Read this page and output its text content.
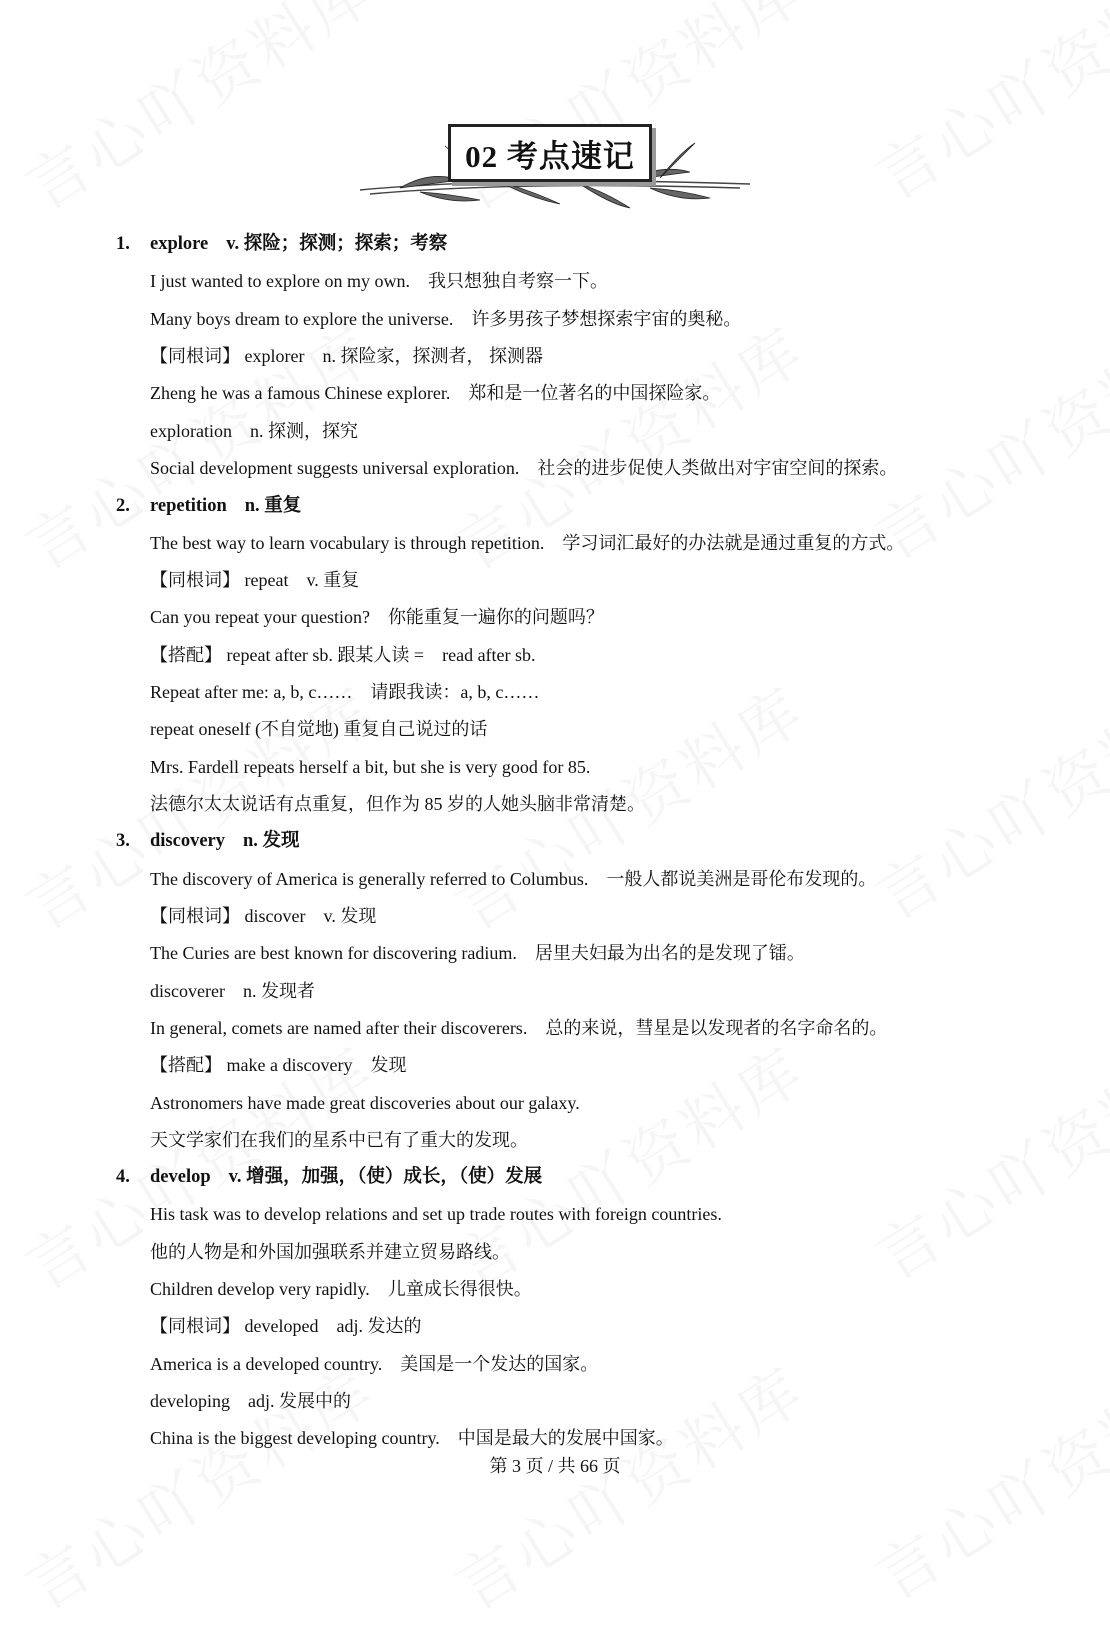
02 考点速记
1. explore v. 探险；探测；探索；考察
I just wanted to explore on my own. 我只想独自考察一下。
Many boys dream to explore the universe. 许多男孩子梦想探索宇宙的奥秘。
【同根词】 explorer n. 探险家，探测者， 探测器
Zheng he was a famous Chinese explorer. 郑和是一位著名的中国探险家。
exploration n. 探测，探究
Social development suggests universal exploration. 社会的进步促使人类做出对宇宙空间的探索。
2. repetition n. 重复
The best way to learn vocabulary is through repetition. 学习词汇最好的办法就是通过重复的方式。
【同根词】 repeat v. 重复
Can you repeat your question? 你能重复一遍你的问题吗？
【搭配】 repeat after sb. 跟某人读 = read after sb.
Repeat after me: a, b, c…… 请跟我读：a, b, c……
repeat oneself (不自觉地) 重复自己说过的话
Mrs. Fardell repeats herself a bit, but she is very good for 85.
法德尔太太说话有点重复，但作为 85 岁的人她头脑非常清楚。
3. discovery n. 发现
The discovery of America is generally referred to Columbus. 一般人都说美洲是哥伦布发现的。
【同根词】 discover v. 发现
The Curies are best known for discovering radium. 居里夫妇最为出名的是发现了镭。
discoverer n. 发现者
In general, comets are named after their discoverers. 总的来说，彗星是以发现者的名字命名的。
【搭配】 make a discovery 发现
Astronomers have made great discoveries about our galaxy.
天文学家们在我们的星系中已有了重大的发现。
4. develop v. 增强，加强，（使）成长，（使）发展
His task was to develop relations and set up trade routes with foreign countries.
他的人物是和外国加强联系并建立贸易路线。
Children develop very rapidly. 儿童成长得很快。
【同根词】 developed adj. 发达的
America is a developed country. 美国是一个发达的国家。
developing adj. 发展中的
China is the biggest developing country. 中国是最大的发展中国家。
第 3 页 / 共 66 页
